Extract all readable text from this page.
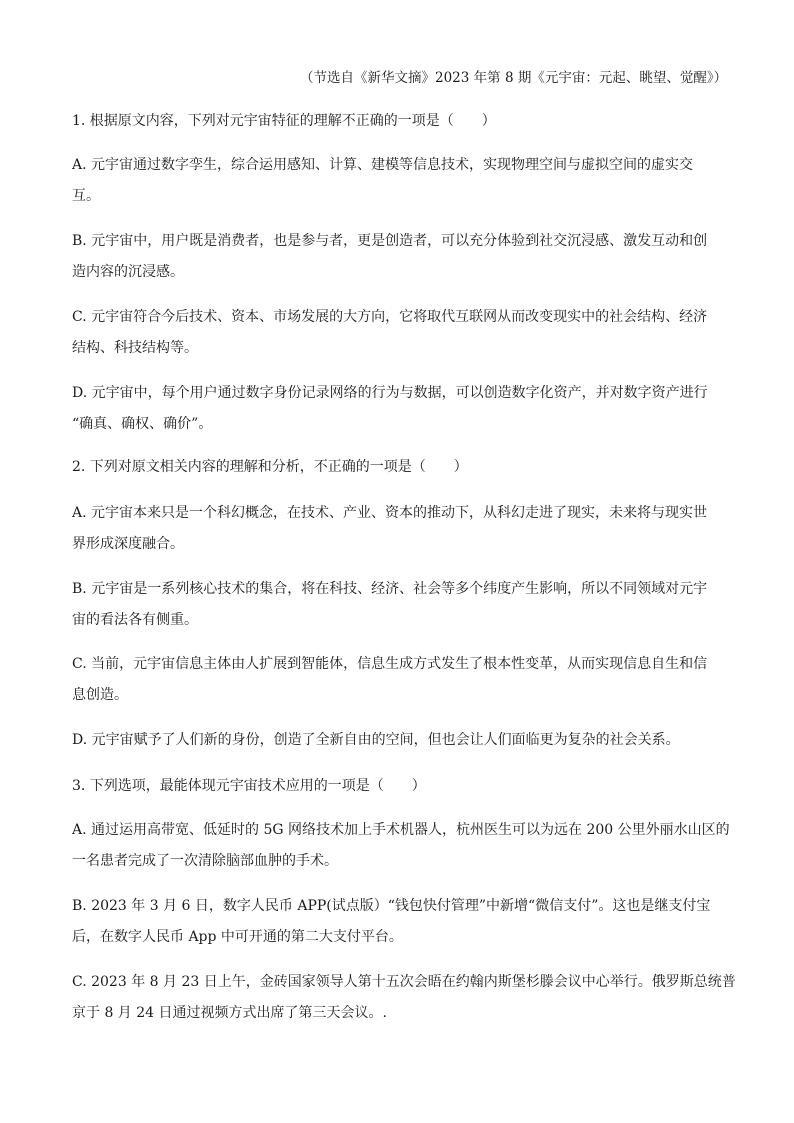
（节选自《新华文摘》2023 年第 8 期《元宇宙：元起、眺望、觉醒》）
1. 根据原文内容，下列对元宇宙特征的理解不正确的一项是（　　）
A. 元宇宙通过数字孪生，综合运用感知、计算、建模等信息技术，实现物理空间与虚拟空间的虚实交
互。
B. 元宇宙中，用户既是消费者，也是参与者，更是创造者，可以充分体验到社交沉浸感、激发互动和创
造内容的沉浸感。
C. 元宇宙符合今后技术、资本、市场发展的大方向，它将取代互联网从而改变现实中的社会结构、经济
结构、科技结构等。
D. 元宇宙中，每个用户通过数字身份记录网络的行为与数据，可以创造数字化资产，并对数字资产进行
“确真、确权、确价”。
2. 下列对原文相关内容的理解和分析，不正确的一项是（　　）
A. 元宇宙本来只是一个科幻概念，在技术、产业、资本的推动下，从科幻走进了现实，未来将与现实世
界形成深度融合。
B. 元宇宙是一系列核心技术的集合，将在科技、经济、社会等多个纬度产生影响，所以不同领域对元宇
宙的看法各有侧重。
C. 当前，元宇宙信息主体由人扩展到智能体，信息生成方式发生了根本性变革，从而实现信息自生和信
息创造。
D. 元宇宙赋予了人们新的身份，创造了全新自由的空间，但也会让人们面临更为复杂的社会关系。
3. 下列选项，最能体现元宇宙技术应用的一项是（　　）
A. 通过运用高带宽、低延时的 5G 网络技术加上手术机器人，杭州医生可以为远在 200 公里外丽水山区的
一名患者完成了一次清除脑部血肿的手术。
B. 2023 年 3 月 6 日，数字人民币 APP(试点版）“钱包快付管理”中新增“微信支付”。这也是继支付宝
后，在数字人民币 App 中可开通的第二大支付平台。
C. 2023 年 8 月 23 日上午，金砖国家领导人第十五次会晤在约翰内斯堡杉滕会议中心举行。俄罗斯总统普
京于 8 月 24 日通过视频方式出席了第三天会议。.
